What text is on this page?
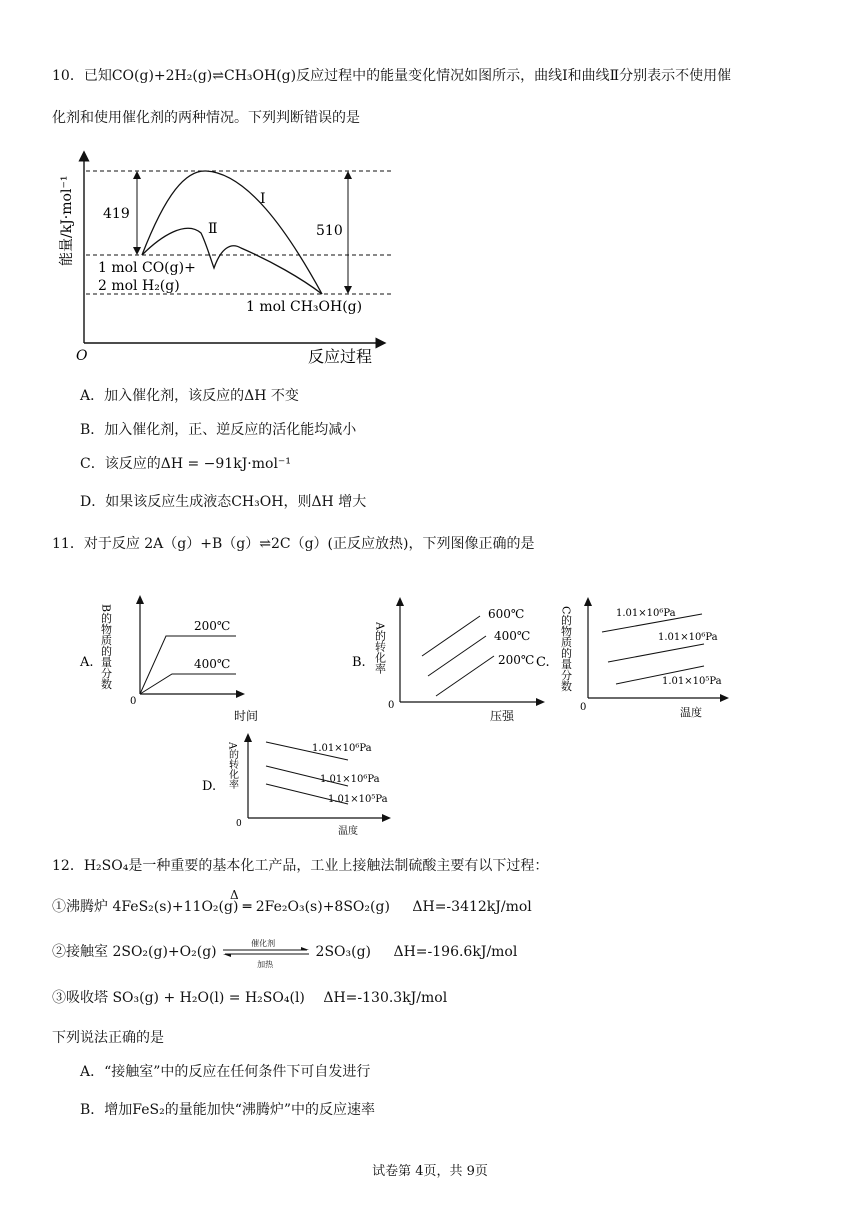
10．已知CO(g)+2H₂(g)⇌CH₃OH(g)反应过程中的能量变化情况如图所示，曲线Ⅰ和曲线Ⅱ分别表示不使用催
化剂和使用催化剂的两种情况。下列判断错误的是
能量/kJ·mol⁻¹ 419
510
Ⅰ
Ⅱ
1 mol CO(g)+
2 mol H₂(g)
1 mol CH₃OH(g)
O	反应过程
A．加入催化剂，该反应的ΔH 不变
B．加入催化剂，正、逆反应的活化能均减小
C．该反应的ΔH = −91kJ·mol⁻¹
D．如果该反应生成液态CH₃OH，则ΔH 增大
11．对于反应 2A（g）+B（g）⇌2C（g）(正反应放热)，下列图像正确的是
A. B的物质的量分数	200℃
400℃
0
时间
B. A的转化率
600℃
400℃
200℃
0
压强
C. C的物质的量分数	1.01×10⁶Pa
1.01×10⁶Pa
1.01×10⁵Pa
0	温度
D. A的转化率	1.01×10⁶Pa
1.01×10⁶Pa
1.01×10⁵Pa
0
温度
12．H₂SO₄是一种重要的基本化工产品，工业上接触法制硫酸主要有以下过程：
①沸腾炉 4FeS₂(s)+11O₂(g) ═ 2Fe₂O₃(s)+8SO₂(g)
Δ
ΔH=-3412kJ/mol
②接触室 2SO₂(g)+O₂(g)
催化剂
加热
2SO₃(g) ΔH=-196.6kJ/mol
③吸收塔 SO₃(g) + H₂O(l) = H₂SO₄(l) ΔH=-130.3kJ/mol
下列说法正确的是
A．“接触室”中的反应在任何条件下可自发进行
B．增加FeS₂的量能加快“沸腾炉”中的反应速率
试卷第 4页，共 9页
